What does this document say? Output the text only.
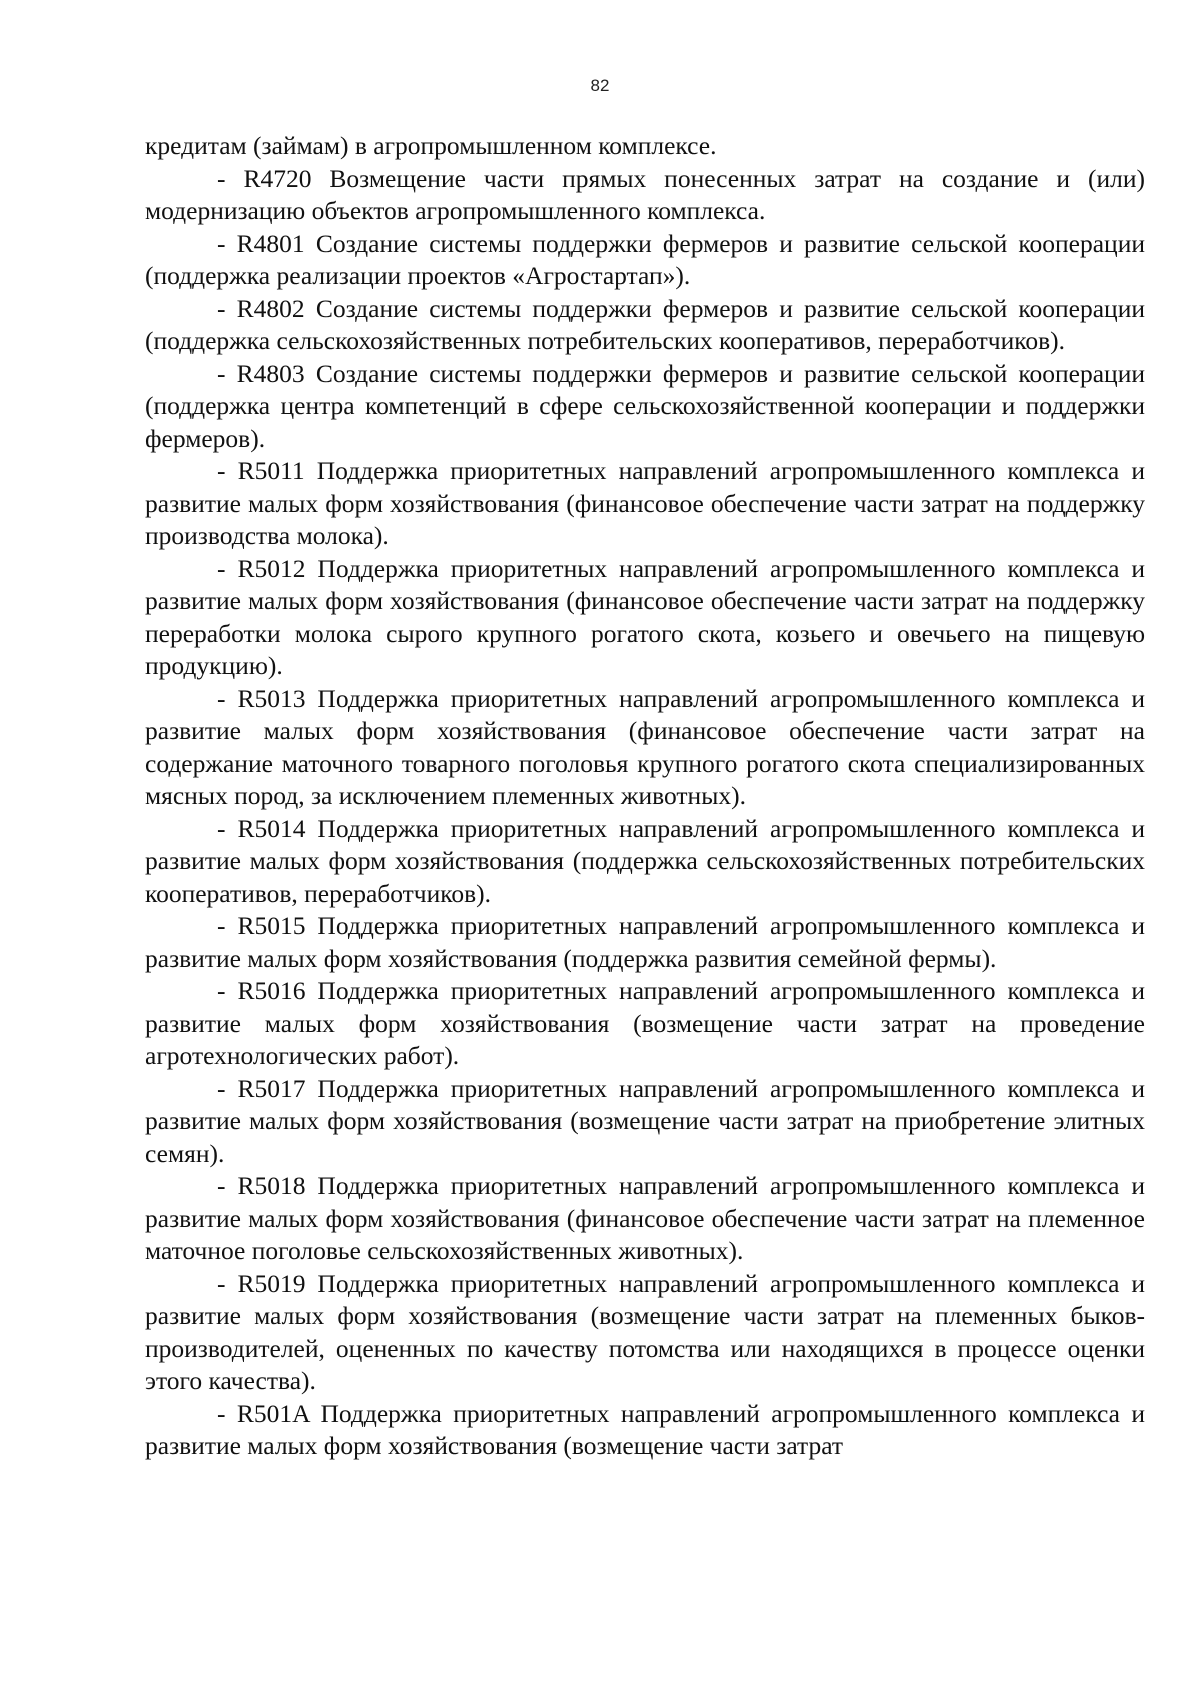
82

кредитам (займам) в агропромышленном комплексе.

- R4720 Возмещение части прямых понесенных затрат на создание и (или) модернизацию объектов агропромышленного комплекса.

- R4801 Создание системы поддержки фермеров и развитие сельской кооперации (поддержка реализации проектов «Агростартап»).

- R4802 Создание системы поддержки фермеров и развитие сельской кооперации (поддержка сельскохозяйственных потребительских кооперативов, переработчиков).

- R4803 Создание системы поддержки фермеров и развитие сельской кооперации (поддержка центра компетенций в сфере сельскохозяйственной кооперации и поддержки фермеров).

- R5011 Поддержка приоритетных направлений агропромышленного комплекса и развитие малых форм хозяйствования (финансовое обеспечение части затрат на поддержку производства молока).

- R5012 Поддержка приоритетных направлений агропромышленного комплекса и развитие малых форм хозяйствования (финансовое обеспечение части затрат на поддержку переработки молока сырого крупного рогатого скота, козьего и овечьего на пищевую продукцию).

- R5013 Поддержка приоритетных направлений агропромышленного комплекса и развитие малых форм хозяйствования (финансовое обеспечение части затрат на содержание маточного товарного поголовья крупного рогатого скота специализированных мясных пород, за исключением племенных животных).

- R5014 Поддержка приоритетных направлений агропромышленного комплекса и развитие малых форм хозяйствования (поддержка сельскохозяйственных потребительских кооперативов, переработчиков).

- R5015 Поддержка приоритетных направлений агропромышленного комплекса и развитие малых форм хозяйствования (поддержка развития семейной фермы).

- R5016 Поддержка приоритетных направлений агропромышленного комплекса и развитие малых форм хозяйствования (возмещение части затрат на проведение агротехнологических работ).

- R5017 Поддержка приоритетных направлений агропромышленного комплекса и развитие малых форм хозяйствования (возмещение части затрат на приобретение элитных семян).

- R5018 Поддержка приоритетных направлений агропромышленного комплекса и развитие малых форм хозяйствования (финансовое обеспечение части затрат на племенное маточное поголовье сельскохозяйственных животных).

- R5019 Поддержка приоритетных направлений агропромышленного комплекса и развитие малых форм хозяйствования (возмещение части затрат на племенных быков-производителей, оцененных по качеству потомства или находящихся в процессе оценки этого качества).

- R501A Поддержка приоритетных направлений агропромышленного комплекса и развитие малых форм хозяйствования (возмещение части затрат
